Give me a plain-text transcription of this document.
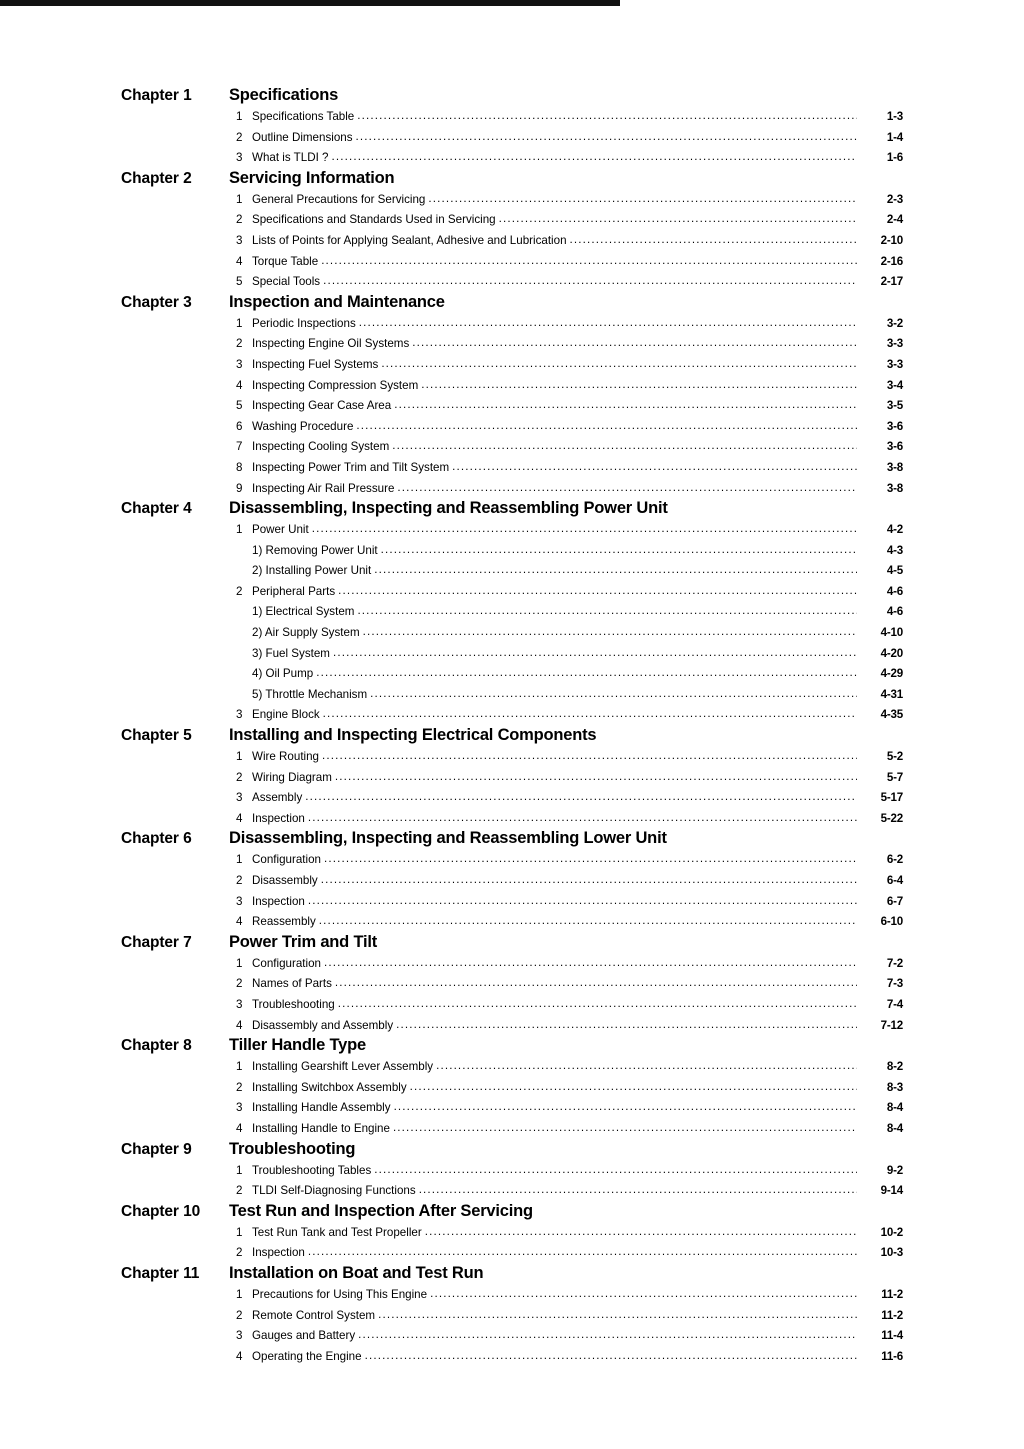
Chapter 1	Specifications
1 Specifications Table .....	1-3
2 Outline Dimensions .....	1-4
3 What is TLDI ? .....	1-6
Chapter 2	Servicing Information
1 General Precautions for Servicing .....	2-3
2 Specifications and Standards Used in Servicing .....	2-4
3 Lists of Points for Applying Sealant, Adhesive and Lubrication .....	2-10
4 Torque Table .....	2-16
5 Special Tools .....	2-17
Chapter 3	Inspection and Maintenance
1 Periodic Inspections .....	3-2
2 Inspecting Engine Oil Systems .....	3-3
3 Inspecting Fuel Systems .....	3-3
4 Inspecting Compression System .....	3-4
5 Inspecting Gear Case Area .....	3-5
6 Washing Procedure .....	3-6
7 Inspecting Cooling System .....	3-6
8 Inspecting Power Trim and Tilt System .....	3-8
9 Inspecting Air Rail Pressure .....	3-8
Chapter 4	Disassembling, Inspecting and Reassembling Power Unit
1 Power Unit .....	4-2
1) Removing Power Unit .....	4-3
2) Installing Power Unit .....	4-5
2 Peripheral Parts .....	4-6
1) Electrical System .....	4-6
2) Air Supply System .....	4-10
3) Fuel System .....	4-20
4) Oil Pump .....	4-29
5) Throttle Mechanism .....	4-31
3 Engine Block .....	4-35
Chapter 5	Installing and Inspecting Electrical Components
1 Wire Routing .....	5-2
2 Wiring Diagram .....	5-7
3 Assembly .....	5-17
4 Inspection .....	5-22
Chapter 6	Disassembling, Inspecting and Reassembling Lower Unit
1 Configuration .....	6-2
2 Disassembly .....	6-4
3 Inspection .....	6-7
4 Reassembly .....	6-10
Chapter 7	Power Trim and Tilt
1 Configuration .....	7-2
2 Names of Parts .....	7-3
3 Troubleshooting .....	7-4
4 Disassembly and Assembly .....	7-12
Chapter 8	Tiller Handle Type
1 Installing Gearshift Lever Assembly .....	8-2
2 Installing Switchbox Assembly .....	8-3
3 Installing Handle Assembly .....	8-4
4 Installing Handle to Engine .....	8-4
Chapter 9	Troubleshooting
1 Troubleshooting Tables .....	9-2
2 TLDI Self-Diagnosing Functions .....	9-14
Chapter 10	Test Run and Inspection After Servicing
1 Test Run Tank and Test Propeller .....	10-2
2 Inspection .....	10-3
Chapter 11	Installation on Boat and Test Run
1 Precautions for Using This Engine .....	11-2
2 Remote Control System .....	11-2
3 Gauges and Battery .....	11-4
4 Operating the Engine .....	11-6
